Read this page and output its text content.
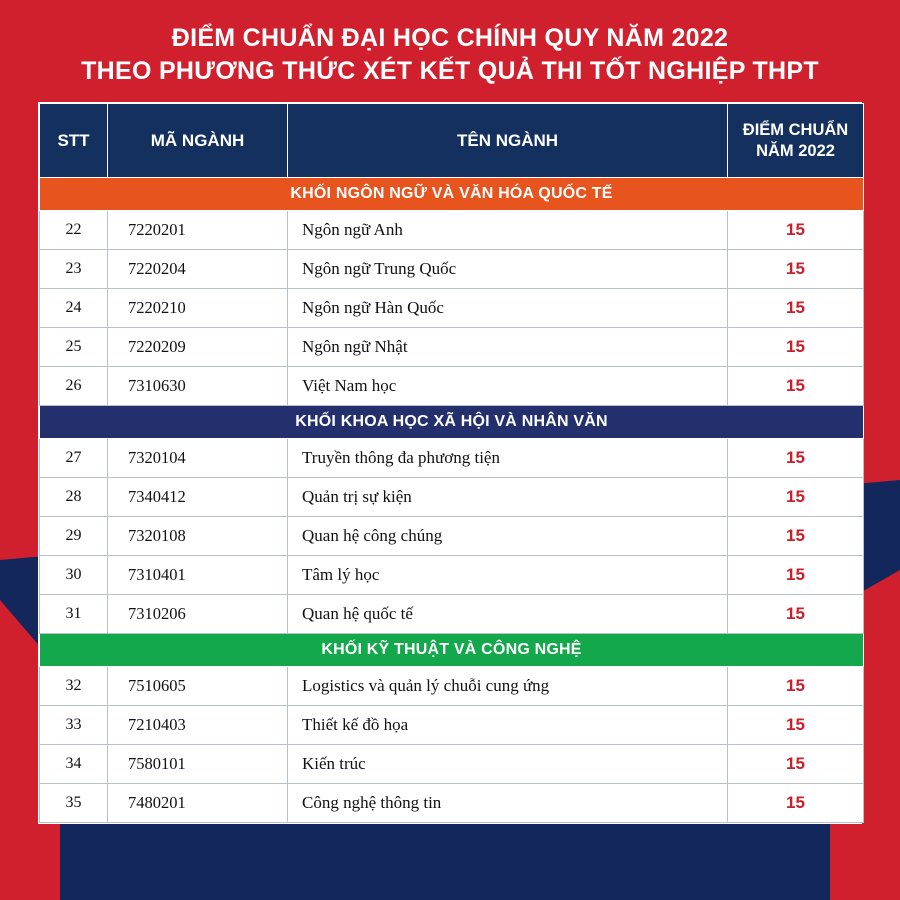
ĐIỂM CHUẨN ĐẠI HỌC CHÍNH QUY NĂM 2022
THEO PHƯƠNG THỨC XÉT KẾT QUẢ THI TỐT NGHIỆP THPT
STT	MÃ NGÀNH	TÊN NGÀNH	ĐIỂM CHUẨN
NĂM 2022
KHỐI NGÔN NGỮ VÀ VĂN HÓA QUỐC TẾ			
22	7220201	Ngôn ngữ Anh	15
23	7220204	Ngôn ngữ Trung Quốc	15
24	7220210	Ngôn ngữ Hàn Quốc	15
25	7220209	Ngôn ngữ Nhật	15
26	7310630	Việt Nam học	15
KHỐI KHOA HỌC XÃ HỘI VÀ NHÂN VĂN			
27	7320104	Truyền thông đa phương tiện	15
28	7340412	Quản trị sự kiện	15
29	7320108	Quan hệ công chúng	15
30	7310401	Tâm lý học	15
31	7310206	Quan hệ quốc tế	15
KHỐI KỸ THUẬT VÀ CÔNG NGHỆ			
32	7510605	Logistics và quản lý chuỗi cung ứng	15
33	7210403	Thiết kế đồ họa	15
34	7580101	Kiến trúc	15
35	7480201	Công nghệ thông tin	15
